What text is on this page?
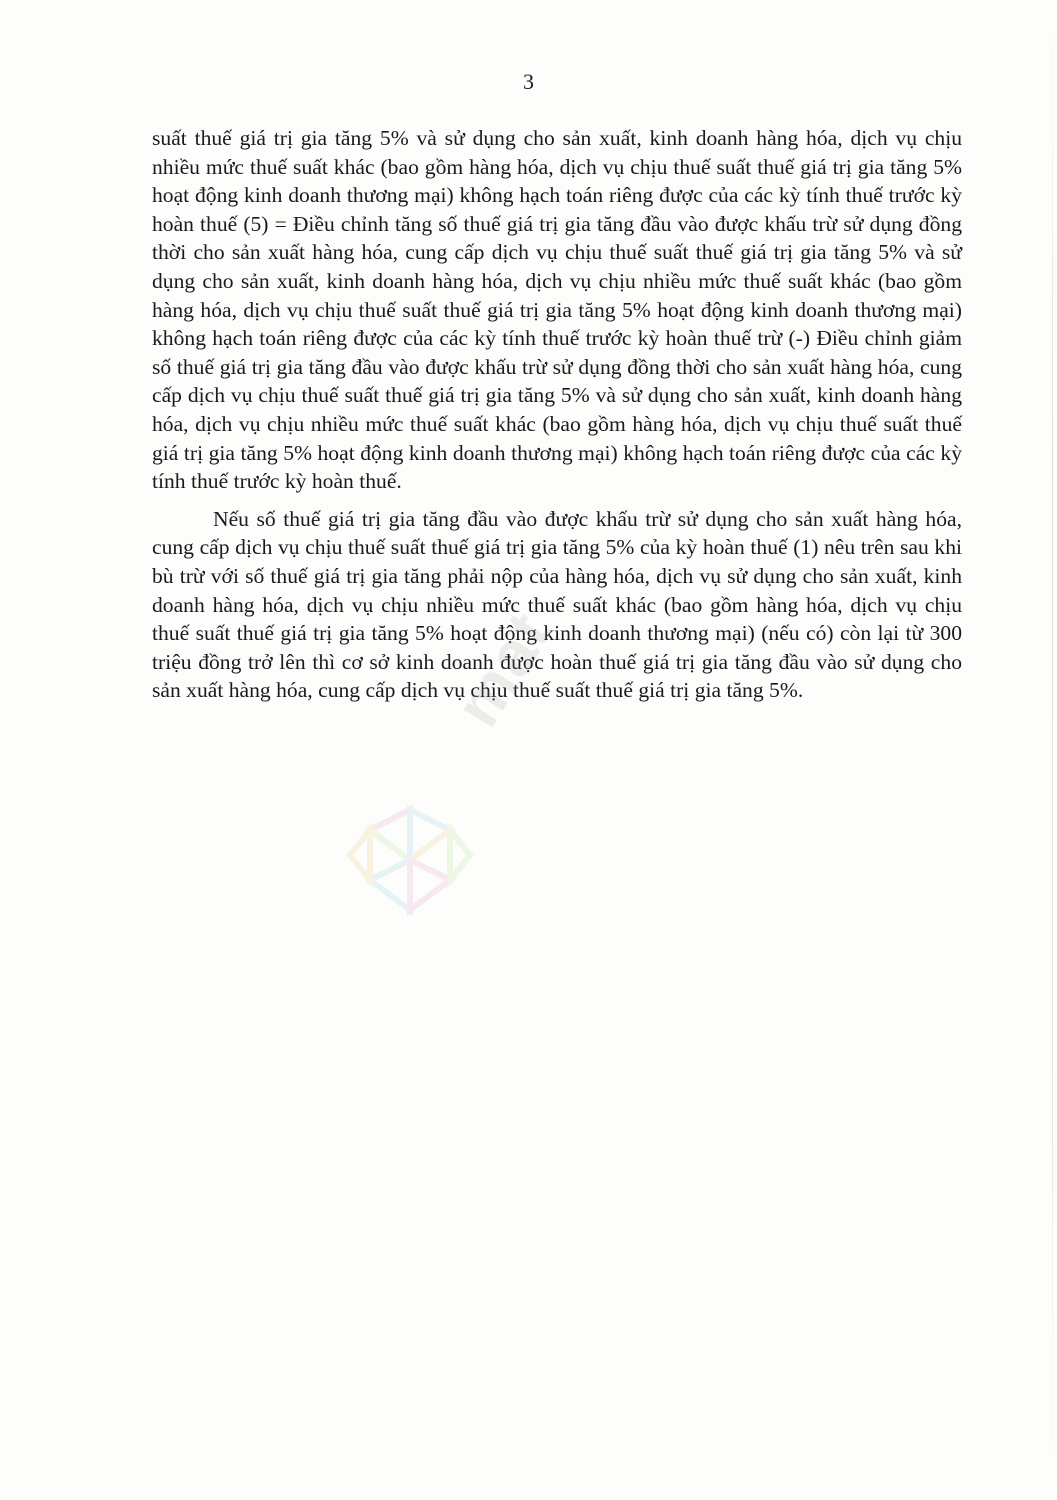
3

suất thuế giá trị gia tăng 5% và sử dụng cho sản xuất, kinh doanh hàng hóa, dịch vụ chịu nhiều mức thuế suất khác (bao gồm hàng hóa, dịch vụ chịu thuế suất thuế giá trị gia tăng 5% hoạt động kinh doanh thương mại) không hạch toán riêng được của các kỳ tính thuế trước kỳ hoàn thuế (5) = Điều chỉnh tăng số thuế giá trị gia tăng đầu vào được khấu trừ sử dụng đồng thời cho sản xuất hàng hóa, cung cấp dịch vụ chịu thuế suất thuế giá trị gia tăng 5% và sử dụng cho sản xuất, kinh doanh hàng hóa, dịch vụ chịu nhiều mức thuế suất khác (bao gồm hàng hóa, dịch vụ chịu thuế suất thuế giá trị gia tăng 5% hoạt động kinh doanh thương mại) không hạch toán riêng được của các kỳ tính thuế trước kỳ hoàn thuế trừ (-) Điều chỉnh giảm số thuế giá trị gia tăng đầu vào được khấu trừ sử dụng đồng thời cho sản xuất hàng hóa, cung cấp dịch vụ chịu thuế suất thuế giá trị gia tăng 5% và sử dụng cho sản xuất, kinh doanh hàng hóa, dịch vụ chịu nhiều mức thuế suất khác (bao gồm hàng hóa, dịch vụ chịu thuế suất thuế giá trị gia tăng 5% hoạt động kinh doanh thương mại) không hạch toán riêng được của các kỳ tính thuế trước kỳ hoàn thuế.

Nếu số thuế giá trị gia tăng đầu vào được khấu trừ sử dụng cho sản xuất hàng hóa, cung cấp dịch vụ chịu thuế suất thuế giá trị gia tăng 5% của kỳ hoàn thuế (1) nêu trên sau khi bù trừ với số thuế giá trị gia tăng phải nộp của hàng hóa, dịch vụ sử dụng cho sản xuất, kinh doanh hàng hóa, dịch vụ chịu nhiều mức thuế suất khác (bao gồm hàng hóa, dịch vụ chịu thuế suất thuế giá trị gia tăng 5% hoạt động kinh doanh thương mại) (nếu có) còn lại từ 300 triệu đồng trở lên thì cơ sở kinh doanh được hoàn thuế giá trị gia tăng đầu vào sử dụng cho sản xuất hàng hóa, cung cấp dịch vụ chịu thuế suất thuế giá trị gia tăng 5%.

mat
